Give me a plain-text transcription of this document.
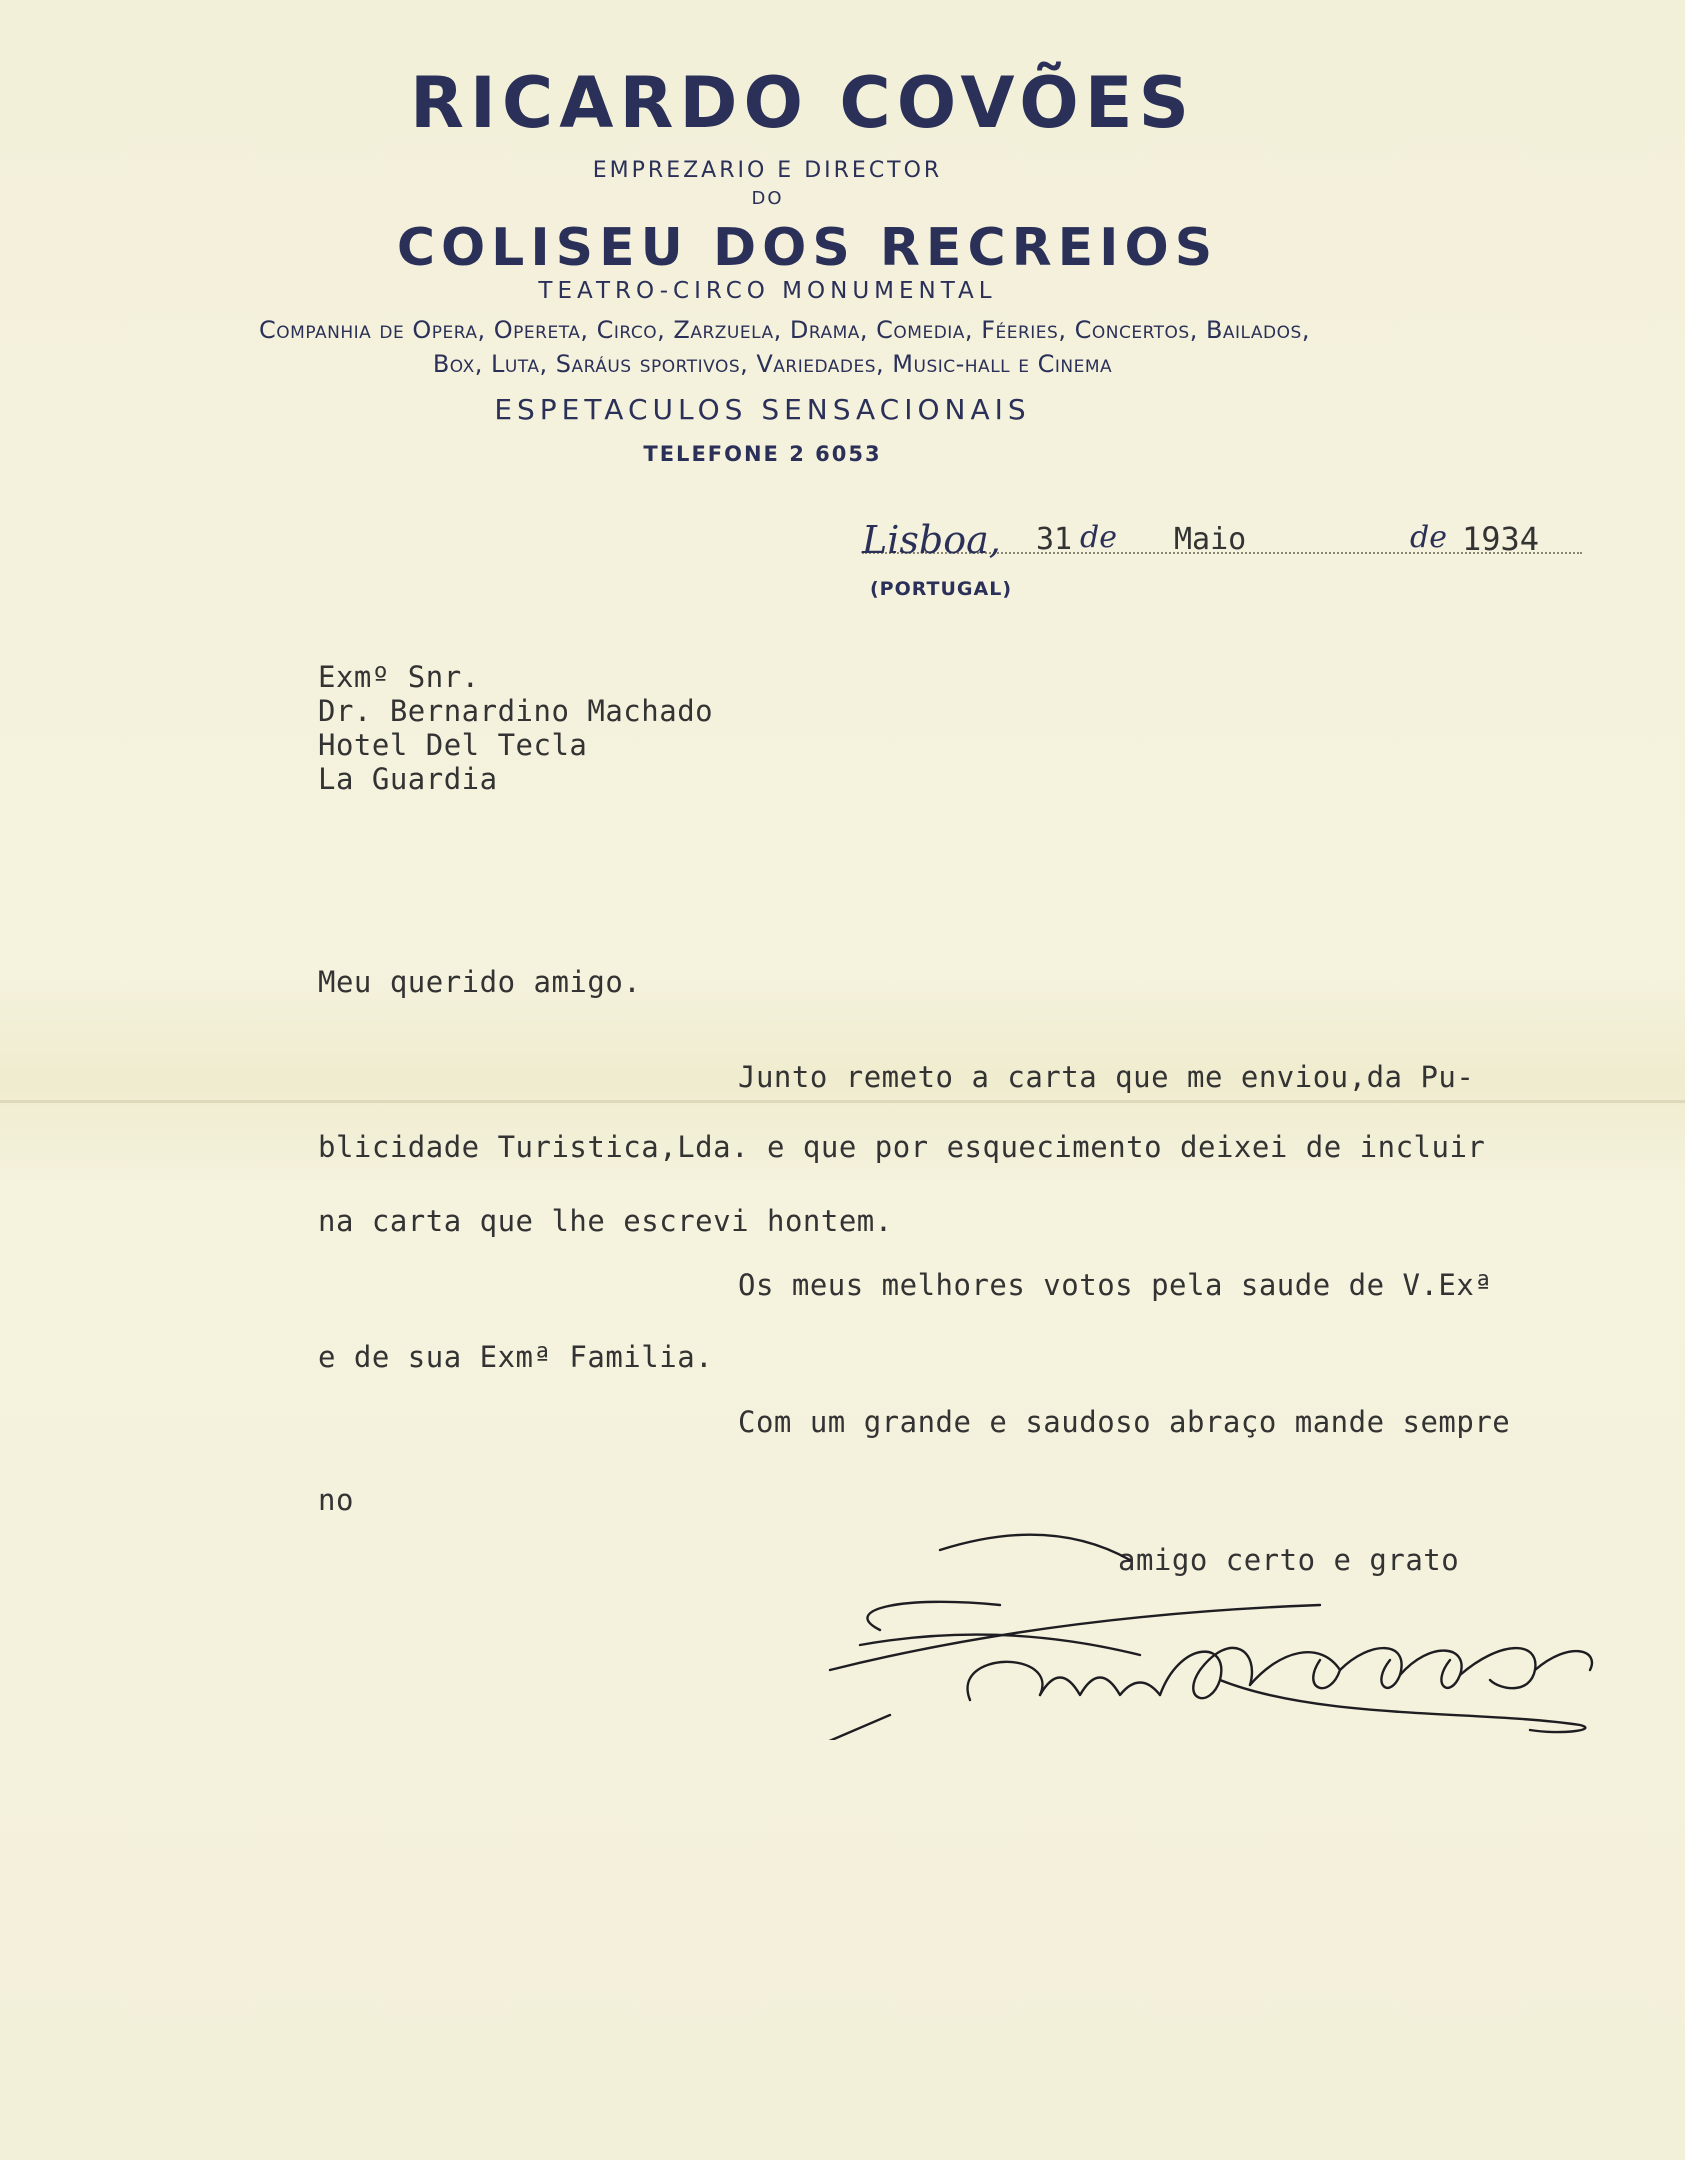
RICARDO COVÕES
EMPREZARIO E DIRECTOR
DO
COLISEU DOS RECREIOS
TEATRO-CIRCO MONUMENTAL
Companhia de Opera, Opereta, Circo, Zarzuela, Drama, Comedia, Féeries, Concertos, Bailados,
Box, Luta, Saráus sportivos, Variedades, Music-hall e Cinema
ESPETACULOS SENSACIONAIS
TELEFONE 2 6053
Lisboa, 31 de Maio	de 1934
(PORTUGAL)
Exmº Snr.
Dr. Bernardino Machado
Hotel Del Tecla
La Guardia
Meu querido amigo.
Junto remeto a carta que me enviou,da Pu-
blicidade Turistica,Lda. e que por esquecimento deixei de incluir
na carta que lhe escrevi hontem.
Os meus melhores votos pela saude de V.Exª
e de sua Exmª Familia.
Com um grande e saudoso abraço mande sempre
no
amigo certo e grato
